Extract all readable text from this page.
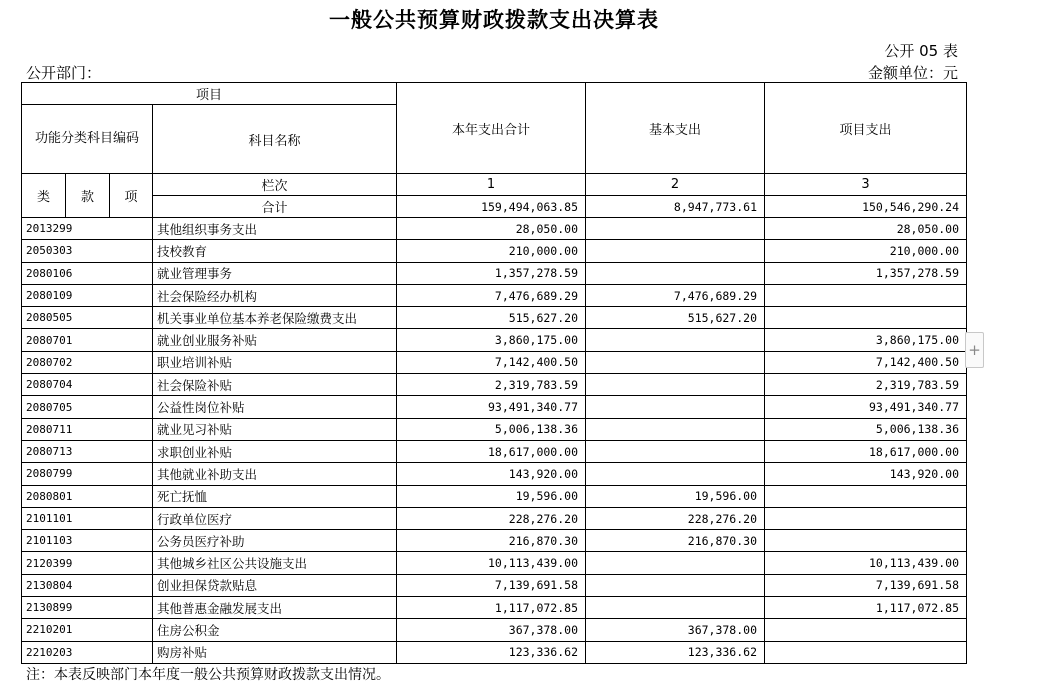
一般公共预算财政拨款支出决算表
公开 05 表
金额单位：元
公开部门：
项目				本年支出合计	基本支出	项目支出
功能分类科目编码			科目名称			

类	款	项	栏次	1	2	3
			合计	159,494,063.85	8,947,773.61	150,546,290.24
2013299			其他组织事务支出	28,050.00		28,050.00
2050303			技校教育	210,000.00		210,000.00
2080106			就业管理事务	1,357,278.59		1,357,278.59
2080109			社会保险经办机构	7,476,689.29	7,476,689.29	
2080505			机关事业单位基本养老保险缴费支出	515,627.20	515,627.20	
2080701			就业创业服务补贴	3,860,175.00		3,860,175.00
2080702			职业培训补贴	7,142,400.50		7,142,400.50
2080704			社会保险补贴	2,319,783.59		2,319,783.59
2080705			公益性岗位补贴	93,491,340.77		93,491,340.77
2080711			就业见习补贴	5,006,138.36		5,006,138.36
2080713			求职创业补贴	18,617,000.00		18,617,000.00
2080799			其他就业补助支出	143,920.00		143,920.00
2080801			死亡抚恤	19,596.00	19,596.00	
2101101			行政单位医疗	228,276.20	228,276.20	
2101103			公务员医疗补助	216,870.30	216,870.30	
2120399			其他城乡社区公共设施支出	10,113,439.00		10,113,439.00
2130804			创业担保贷款贴息	7,139,691.58		7,139,691.58
2130899			其他普惠金融发展支出	1,117,072.85		1,117,072.85
2210201			住房公积金	367,378.00	367,378.00	
2210203			购房补贴	123,336.62	123,336.62	
注：本表反映部门本年度一般公共预算财政拨款支出情况。
+
